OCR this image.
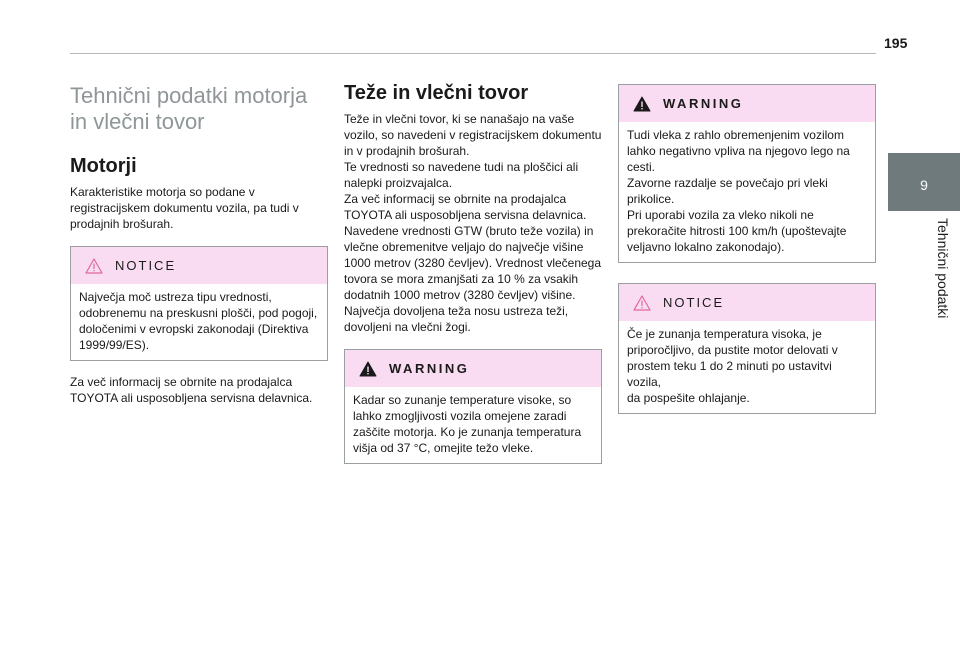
195
9
Tehnični podatki
Tehnični podatki motorja
in vlečni tovor
Motorji

Karakteristike motorja so podane v
registracijskem dokumentu vozila, pa tudi v
prodajnih brošurah.

NOTICE
Največja moč ustreza tipu vrednosti,
odobrenemu na preskusni plošči, pod pogoji,
določenimi v evropski zakonodaji (Direktiva
1999/99/ES).

Za več informacij se obrnite na prodajalca
TOYOTA ali usposobljena servisna delavnica.

Teže in vlečni tovor

Teže in vlečni tovor, ki se nanašajo na vaše
vozilo, so navedeni v registracijskem dokumentu
in v prodajnih brošurah.
Te vrednosti so navedene tudi na ploščici ali
nalepki proizvajalca.
Za več informacij se obrnite na prodajalca
TOYOTA ali usposobljena servisna delavnica.
Navedene vrednosti GTW (bruto teže vozila) in
vlečne obremenitve veljajo do največje višine
1000 metrov (3280 čevljev). Vrednost vlečenega
tovora se mora zmanjšati za 10 % za vsakih
dodatnih 1000 metrov (3280 čevljev) višine.
Največja dovoljena teža nosu ustreza teži,
dovoljeni na vlečni žogi.

WARNING
Kadar so zunanje temperature visoke, so
lahko zmogljivosti vozila omejene zaradi
zaščite motorja. Ko je zunanja temperatura
višja od 37 °C, omejite težo vleke.
WARNING
Tudi vleka z rahlo obremenjenim vozilom
lahko negativno vpliva na njegovo lego na
cesti.
Zavorne razdalje se povečajo pri vleki
prikolice.
Pri uporabi vozila za vleko nikoli ne
prekoračite hitrosti 100 km/h (upoštevajte
veljavno lokalno zakonodajo).
NOTICE
Če je zunanja temperatura visoka, je
priporočljivo, da pustite motor delovati v
prostem teku 1 do 2 minuti po ustavitvi vozila,
da pospešite ohlajanje.
